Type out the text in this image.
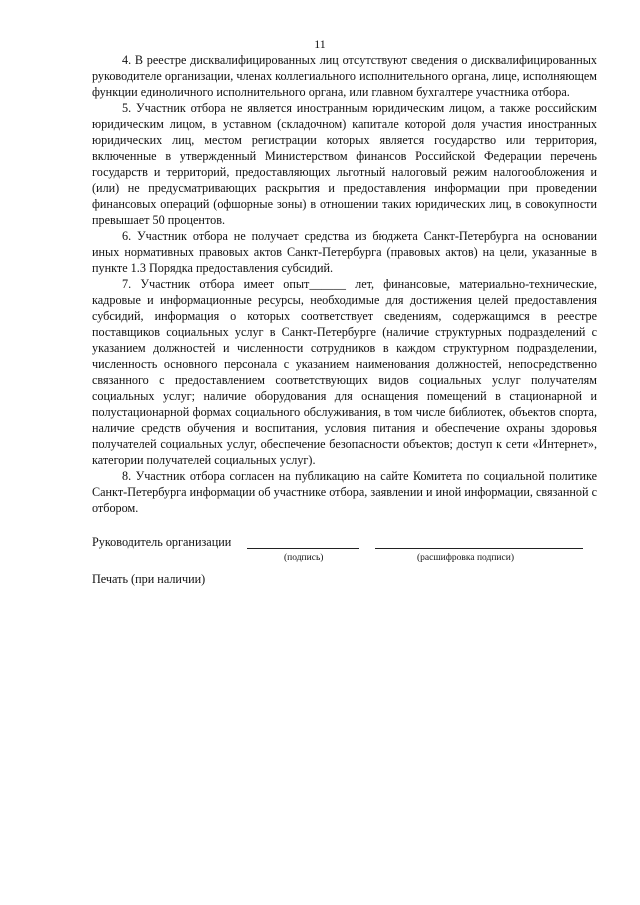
11

4. В реестре дисквалифицированных лиц отсутствуют сведения о дисквалифицированных руководителе организации, членах коллегиального исполнительного органа, лице, исполняющем функции единоличного исполнительного органа, или главном бухгалтере участника отбора.

5. Участник отбора не является иностранным юридическим лицом, а также российским юридическим лицом, в уставном (складочном) капитале которой доля участия иностранных юридических лиц, местом регистрации которых является государство или территория, включенные в утвержденный Министерством финансов Российской Федерации перечень государств и территорий, предоставляющих льготный налоговый режим налогообложения и (или) не предусматривающих раскрытия и предоставления информации при проведении финансовых операций (офшорные зоны) в отношении таких юридических лиц, в совокупности превышает 50 процентов.

6. Участник отбора не получает средства из бюджета Санкт-Петербурга на основании иных нормативных правовых актов Санкт-Петербурга (правовых актов) на цели, указанные в пункте 1.3 Порядка предоставления субсидий.

7. Участник отбора имеет опыт______ лет, финансовые, материально-технические, кадровые и информационные ресурсы, необходимые для достижения целей предоставления субсидий, информация о которых соответствует сведениям, содержащимся в реестре поставщиков социальных услуг в Санкт-Петербурге (наличие структурных подразделений с указанием должностей и численности сотрудников в каждом структурном подразделении, численность основного персонала с указанием наименования должностей, непосредственно связанного с предоставлением соответствующих видов социальных услуг получателям социальных услуг; наличие оборудования для оснащения помещений в стационарной и полустационарной формах социального обслуживания, в том числе библиотек, объектов спорта, наличие средств обучения и воспитания, условия питания и обеспечение охраны здоровья получателей социальных услуг, обеспечение безопасности объектов; доступ к сети «Интернет», категории получателей социальных услуг).

8. Участник отбора согласен на публикацию на сайте Комитета по социальной политике Санкт-Петербурга информации об участнике отбора, заявлении и иной информации, связанной с отбором.

Руководитель организации
(подпись)	(расшифровка подписи)
Печать (при наличии)
